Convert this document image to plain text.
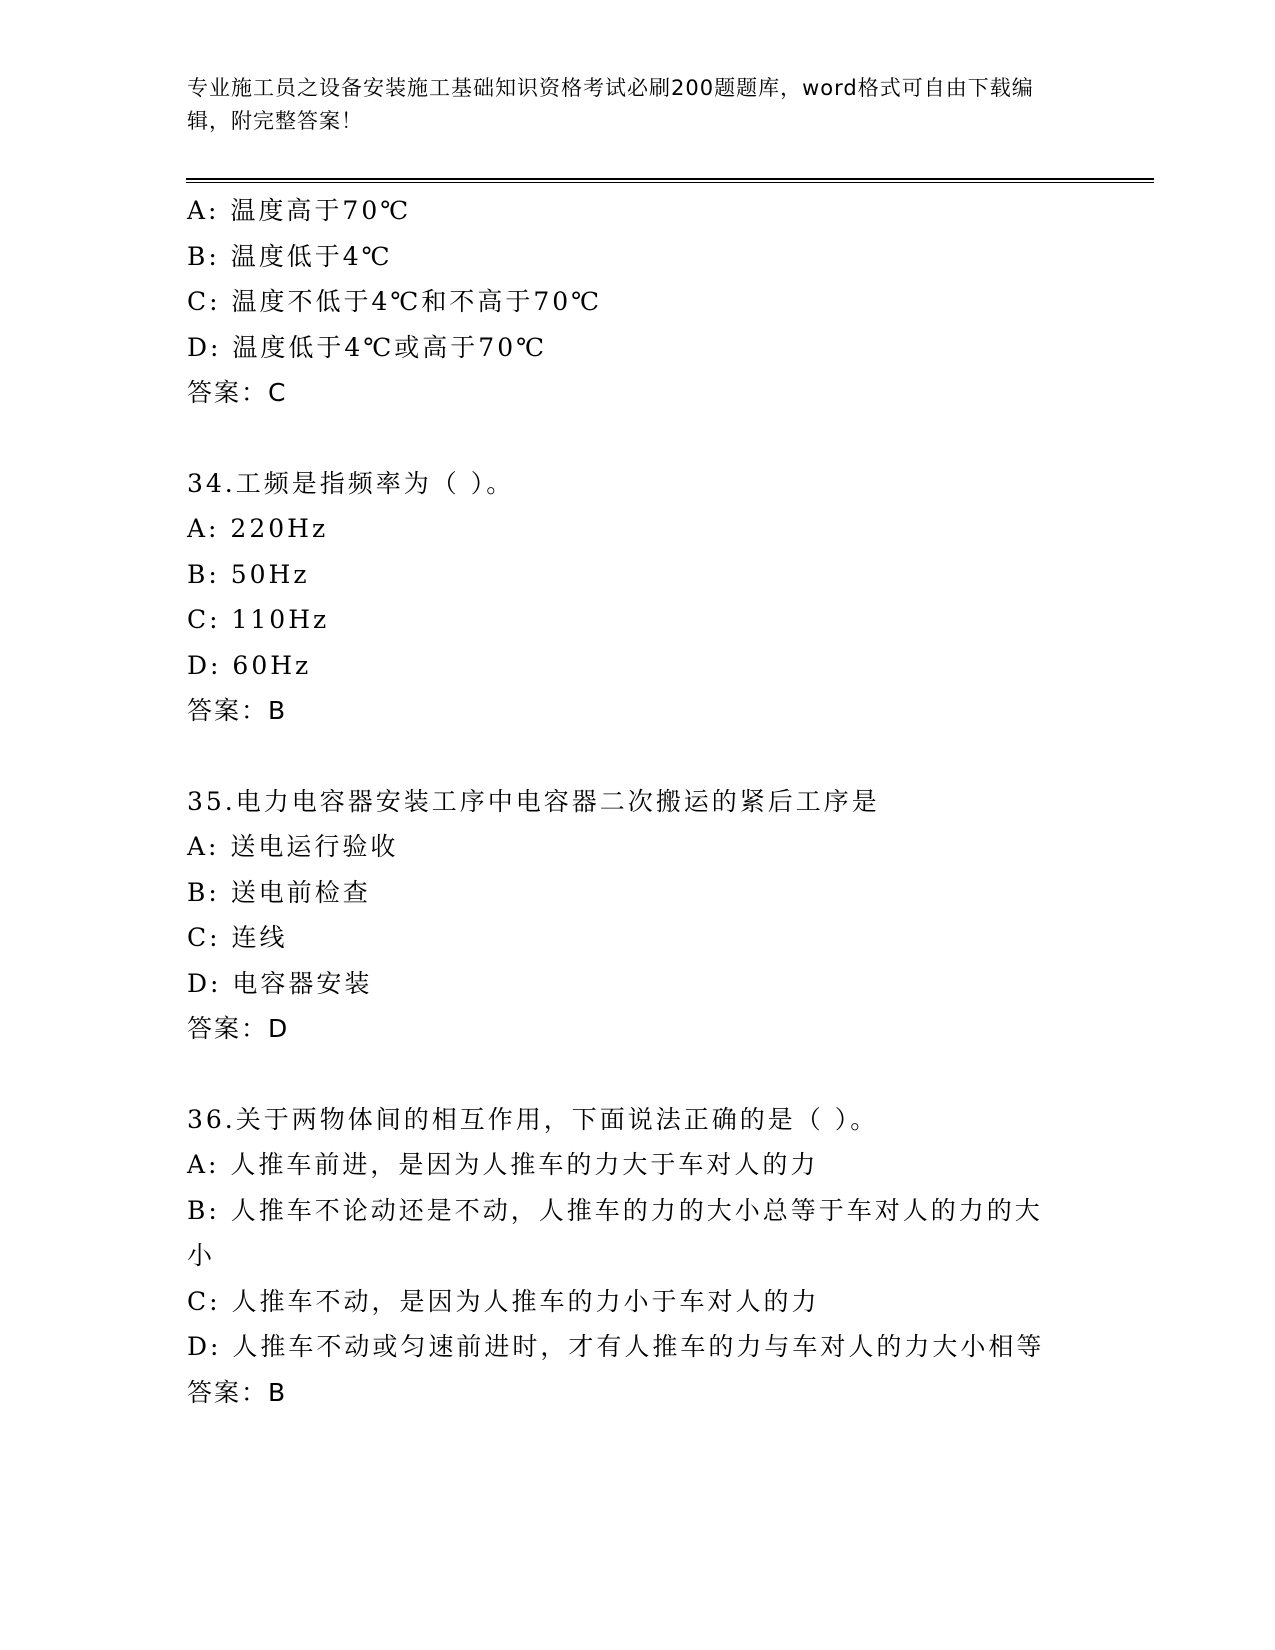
专业施工员之设备安装施工基础知识资格考试必刷200题题库，word格式可自由下载编辑，附完整答案！
A: 温度高于70℃
B: 温度低于4℃
C: 温度不低于4℃和不高于70℃
D: 温度低于4℃或高于70℃
答案：C
34.工频是指频率为（ ）。
A: 220Hz
B: 50Hz
C: 110Hz
D: 60Hz
答案：B
35.电力电容器安装工序中电容器二次搬运的紧后工序是
A: 送电运行验收
B: 送电前检查
C: 连线
D: 电容器安装
答案：D
36.关于两物体间的相互作用，下面说法正确的是（ ）。
A: 人推车前进，是因为人推车的力大于车对人的力
B: 人推车不论动还是不动，人推车的力的大小总等于车对人的力的大小
C: 人推车不动，是因为人推车的力小于车对人的力
D: 人推车不动或匀速前进时，才有人推车的力与车对人的力大小相等
答案：B
